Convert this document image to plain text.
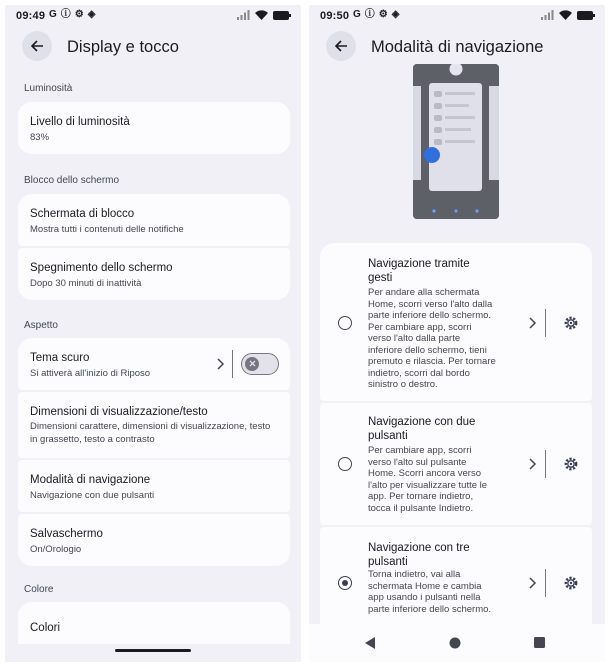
09:49 G ⓘ ⚙ ◈
Display e tocco
Luminosità
Livello di luminosità
83%
Blocco dello schermo
Schermata di blocco
Mostra tutti i contenuti delle notifiche
Spegnimento dello schermo
Dopo 30 minuti di inattività
Aspetto
Tema scuro
Si attiverà all'inizio di Riposo
Dimensioni di visualizzazione/testo
Dimensioni carattere, dimensioni di visualizzazione, testo in grassetto, testo a contrasto
Modalità di navigazione
Navigazione con due pulsanti
Salvaschermo
On/Orologio
Colore
Colori
09:50 G ⓘ ⚙ ◈
Modalità di navigazione
Navigazione tramite gesti
Per andare alla schermata Home, scorri verso l'alto dalla parte inferiore dello schermo. Per cambiare app, scorri verso l'alto dalla parte inferiore dello schermo, tieni premuto e rilascia. Per tornare indietro, scorri dal bordo sinistro o destro.
Navigazione con due pulsanti
Per cambiare app, scorri verso l'alto sul pulsante Home. Scorri ancora verso l'alto per visualizzare tutte le app. Per tornare indietro, tocca il pulsante Indietro.
Navigazione con tre pulsanti
Torna indietro, vai alla schermata Home e cambia app usando i pulsanti nella parte inferiore dello schermo.
